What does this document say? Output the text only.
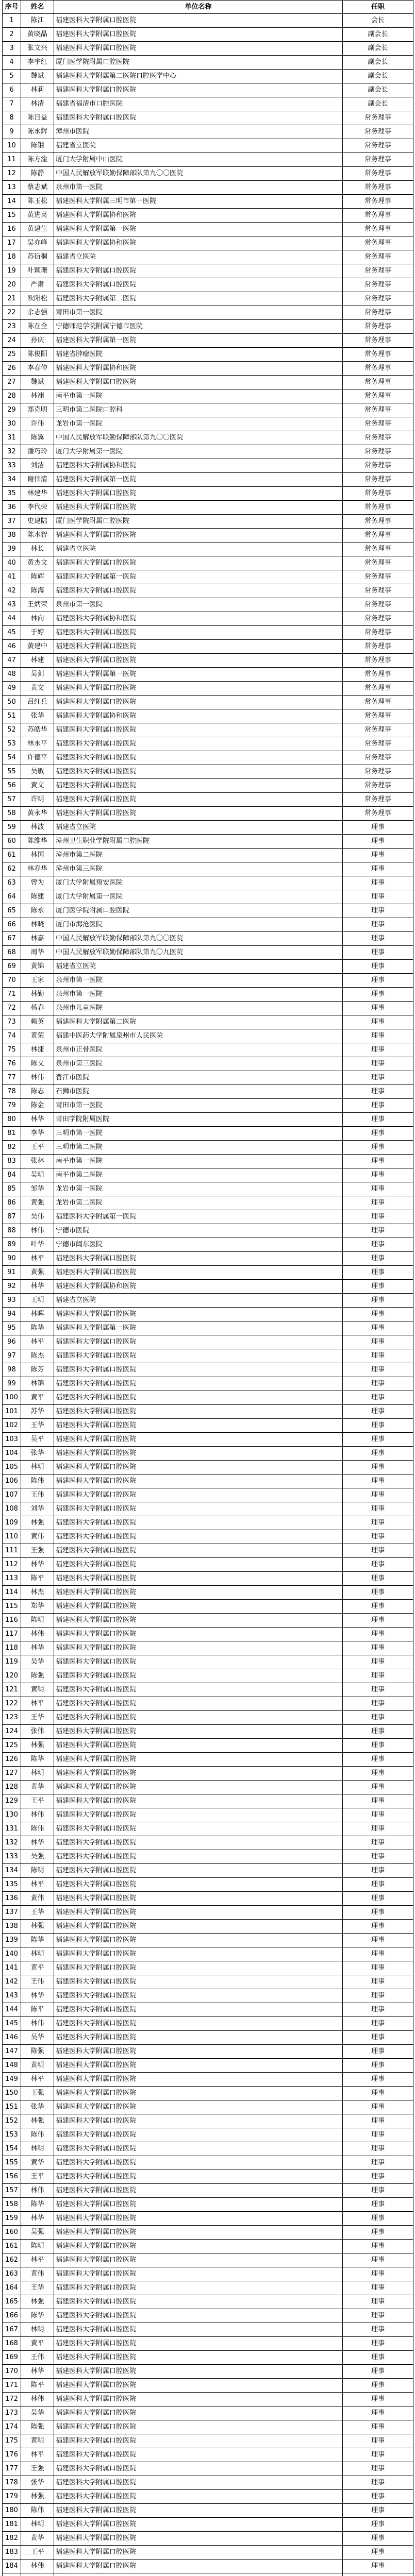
序号	姓名	单位名称	任职
1	陈江	福建医科大学附属口腔医院	会长
2	黄晓晶	福建医科大学附属口腔医院	副会长
3	张文兴	福建医科大学附属口腔医院	副会长
4	李宇红	厦门医学院附属口腔医院	副会长
5	魏斌	福建医科大学附属第二医院口腔医学中心	副会长
6	林莉	福建医科大学附属口腔医院	副会长
7	林清	福建省福清市口腔医院	副会长
8	陈日益	福建医科大学附属口腔医院	常务理事
9	陈永辉	漳州市医院	常务理事
10	陈钢	福建省立医院	常务理事
11	陈方淦	厦门大学附属中山医院	常务理事
12	陈静	中国人民解放军联勤保障部队第九〇〇医院	常务理事
13	蔡志斌	泉州市第一医院	常务理事
14	陈玉松	福建医科大学附属三明市第一医院	常务理事
15	黄进英	福建医科大学附属协和医院	常务理事
16	黄建生	福建医科大学附属第一医院	常务理事
17	吴亦峰	福建医科大学附属协和医院	常务理事
18	苏衍桐	福建省立医院	常务理事
19	叶颖珊	福建医科大学附属口腔医院	常务理事
20	严肃	福建医科大学附属口腔医院	常务理事
21	欧阳松	福建医科大学附属第二医院	常务理事
22	余志强	莆田市第一医院	常务理事
23	陈在全	宁德师范学院附属宁德市医院	常务理事
24	孙庆	福建医科大学附属第一医院	常务理事
25	陈俊阳	福建省肿瘤医院	常务理事
26	李春仲	福建医科大学附属协和医院	常务理事
27	魏斌	福建医科大学附属口腔医院	常务理事
28	林翊	南平市第一医院	常务理事
29	郑克明	三明市第二医院口腔科	常务理事
30	许伟	龙岩市第一医院	常务理事
31	陈翼	中国人民解放军联勤保障部队第九〇〇医院	常务理事
32	潘巧玲	厦门大学附属第一医院	常务理事
33	刘洁	福建医科大学附属协和医院	常务理事
34	谢伟清	福建医科大学附属第一医院	常务理事
35	林建华	福建医科大学附属口腔医院	常务理事
36	李代荣	福建医科大学附属口腔医院	常务理事
37	史建陆	厦门医学院附属口腔医院	常务理事
38	陈水智	福建医科大学附属口腔医院	常务理事
39	林长	福建省立医院	常务理事
40	黄杰文	福建医科大学附属口腔医院	常务理事
41	陈辉	福建医科大学附属第一医院	常务理事
42	陈海	福建医科大学附属口腔医院	常务理事
43	王炳荣	泉州市第一医院	常务理事
44	林向	福建医科大学附属协和医院	常务理事
45	于婷	福建医科大学附属口腔医院	常务理事
46	黄建中	福建医科大学附属口腔医院	常务理事
47	林建	福建医科大学附属口腔医院	常务理事
48	吴剑	福建医科大学附属第一医院	常务理事
49	黄文	福建医科大学附属口腔医院	常务理事
50	吕红兵	福建医科大学附属口腔医院	常务理事
51	张华	福建医科大学附属协和医院	常务理事
52	苏皓华	福建医科大学附属口腔医院	常务理事
53	林永平	福建医科大学附属口腔医院	常务理事
54	许德平	福建医科大学附属口腔医院	常务理事
55	吴敏	福建医科大学附属口腔医院	常务理事
56	黄文	福建医科大学附属口腔医院	常务理事
57	许明	福建医科大学附属口腔医院	常务理事
58	黄永华	福建医科大学附属口腔医院	常务理事
59	林波	福建省立医院	理事
60	陈维华	漳州卫生职业学院附属口腔医院	理事
61	林国	漳州市第二医院	理事
62	林春华	漳州市第三医院	理事
63	曾为	厦门大学附属翔安医院	理事
64	陈建	厦门大学附属第一医院	理事
65	陈永	厦门医学院附属口腔医院	理事
66	林晓	厦门市海沧医院	理事
67	林嘉	中国人民解放军联勤保障部队第九〇〇医院	理事
68	周华	中国人民解放军联勤保障部队第九〇九医院	理事
69	黄锦	福建省立医院	理事
70	王家	泉州市第一医院	理事
71	林勤	泉州市第一医院	理事
72	杨春	泉州市儿童医院	理事
73	赖英	福建医科大学附属第二医院	理事
74	黄荣	福建中医药大学附属泉州市人民医院	理事
75	林捷	泉州市正骨医院	理事
76	陈文	泉州市第三医院	理事
77	林伟	晋江市医院	理事
78	陈志	石狮市医院	理事
79	陈金	莆田市第一医院	理事
80	林华	莆田学院附属医院	理事
81	李华	三明市第一医院	理事
82	王平	三明市第二医院	理事
83	张林	南平市第一医院	理事
84	吴明	南平市第二医院	理事
85	邹华	龙岩市第一医院	理事
86	黄强	龙岩市第二医院	理事
87	吴伟	福建医科大学附属第一医院	理事
88	林伟	宁德市医院	理事
89	叶华	宁德市闽东医院	理事
90	林平	福建医科大学附属口腔医院	理事
91	黄强	福建医科大学附属口腔医院	理事
92	林华	福建医科大学附属协和医院	理事
93	王明	福建省立医院	理事
94	林晖	福建医科大学附属口腔医院	理事
95	陈华	福建医科大学附属第一医院	理事
96	林平	福建医科大学附属口腔医院	理事
97	陈杰	福建医科大学附属口腔医院	理事
98	陈芳	福建医科大学附属口腔医院	理事
99	林锦	福建医科大学附属口腔医院	理事
100	黄平	福建医科大学附属口腔医院	理事
101	苏华	福建医科大学附属口腔医院	理事
102	王华	福建医科大学附属口腔医院	理事
103	吴平	福建医科大学附属口腔医院	理事
104	张华	福建医科大学附属口腔医院	理事
105	林明	福建医科大学附属口腔医院	理事
106	陈伟	福建医科大学附属口腔医院	理事
107	王伟	福建医科大学附属口腔医院	理事
108	刘华	福建医科大学附属口腔医院	理事
109	林强	福建医科大学附属口腔医院	理事
110	黄伟	福建医科大学附属口腔医院	理事
111	王强	福建医科大学附属口腔医院	理事
112	林华	福建医科大学附属口腔医院	理事
113	陈平	福建医科大学附属口腔医院	理事
114	林杰	福建医科大学附属口腔医院	理事
115	郑华	福建医科大学附属口腔医院	理事
116	陈明	福建医科大学附属口腔医院	理事
117	林伟	福建医科大学附属口腔医院	理事
118	林华	福建医科大学附属口腔医院	理事
119	吴华	福建医科大学附属口腔医院	理事
120	陈强	福建医科大学附属口腔医院	理事
121	黄明	福建医科大学附属口腔医院	理事
122	林平	福建医科大学附属口腔医院	理事
123	王华	福建医科大学附属口腔医院	理事
124	张伟	福建医科大学附属口腔医院	理事
125	林强	福建医科大学附属口腔医院	理事
126	陈华	福建医科大学附属口腔医院	理事
127	林明	福建医科大学附属口腔医院	理事
128	黄华	福建医科大学附属口腔医院	理事
129	王平	福建医科大学附属口腔医院	理事
130	林伟	福建医科大学附属口腔医院	理事
131	陈伟	福建医科大学附属口腔医院	理事
132	林华	福建医科大学附属口腔医院	理事
133	吴强	福建医科大学附属口腔医院	理事
134	陈明	福建医科大学附属口腔医院	理事
135	林平	福建医科大学附属口腔医院	理事
136	黄伟	福建医科大学附属口腔医院	理事
137	王华	福建医科大学附属口腔医院	理事
138	林强	福建医科大学附属口腔医院	理事
139	陈华	福建医科大学附属口腔医院	理事
140	林明	福建医科大学附属口腔医院	理事
141	黄平	福建医科大学附属口腔医院	理事
142	王伟	福建医科大学附属口腔医院	理事
143	林华	福建医科大学附属口腔医院	理事
144	陈平	福建医科大学附属口腔医院	理事
145	林伟	福建医科大学附属口腔医院	理事
146	吴华	福建医科大学附属口腔医院	理事
147	陈强	福建医科大学附属口腔医院	理事
148	黄明	福建医科大学附属口腔医院	理事
149	林平	福建医科大学附属口腔医院	理事
150	王强	福建医科大学附属口腔医院	理事
151	张华	福建医科大学附属口腔医院	理事
152	林强	福建医科大学附属口腔医院	理事
153	陈伟	福建医科大学附属口腔医院	理事
154	林明	福建医科大学附属口腔医院	理事
155	黄华	福建医科大学附属口腔医院	理事
156	王平	福建医科大学附属口腔医院	理事
157	林伟	福建医科大学附属口腔医院	理事
158	陈华	福建医科大学附属口腔医院	理事
159	林华	福建医科大学附属口腔医院	理事
160	吴强	福建医科大学附属口腔医院	理事
161	陈明	福建医科大学附属口腔医院	理事
162	林平	福建医科大学附属口腔医院	理事
163	黄伟	福建医科大学附属口腔医院	理事
164	王华	福建医科大学附属口腔医院	理事
165	林强	福建医科大学附属口腔医院	理事
166	陈华	福建医科大学附属口腔医院	理事
167	林明	福建医科大学附属口腔医院	理事
168	黄平	福建医科大学附属口腔医院	理事
169	王伟	福建医科大学附属口腔医院	理事
170	林华	福建医科大学附属口腔医院	理事
171	陈平	福建医科大学附属口腔医院	理事
172	林伟	福建医科大学附属口腔医院	理事
173	吴华	福建医科大学附属口腔医院	理事
174	陈强	福建医科大学附属口腔医院	理事
175	黄明	福建医科大学附属口腔医院	理事
176	林平	福建医科大学附属口腔医院	理事
177	王强	福建医科大学附属口腔医院	理事
178	张华	福建医科大学附属口腔医院	理事
179	林强	福建医科大学附属口腔医院	理事
180	陈伟	福建医科大学附属口腔医院	理事
181	林明	福建医科大学附属口腔医院	理事
182	黄华	福建医科大学附属口腔医院	理事
183	王平	福建医科大学附属口腔医院	理事
184	林伟	福建医科大学附属口腔医院	理事
